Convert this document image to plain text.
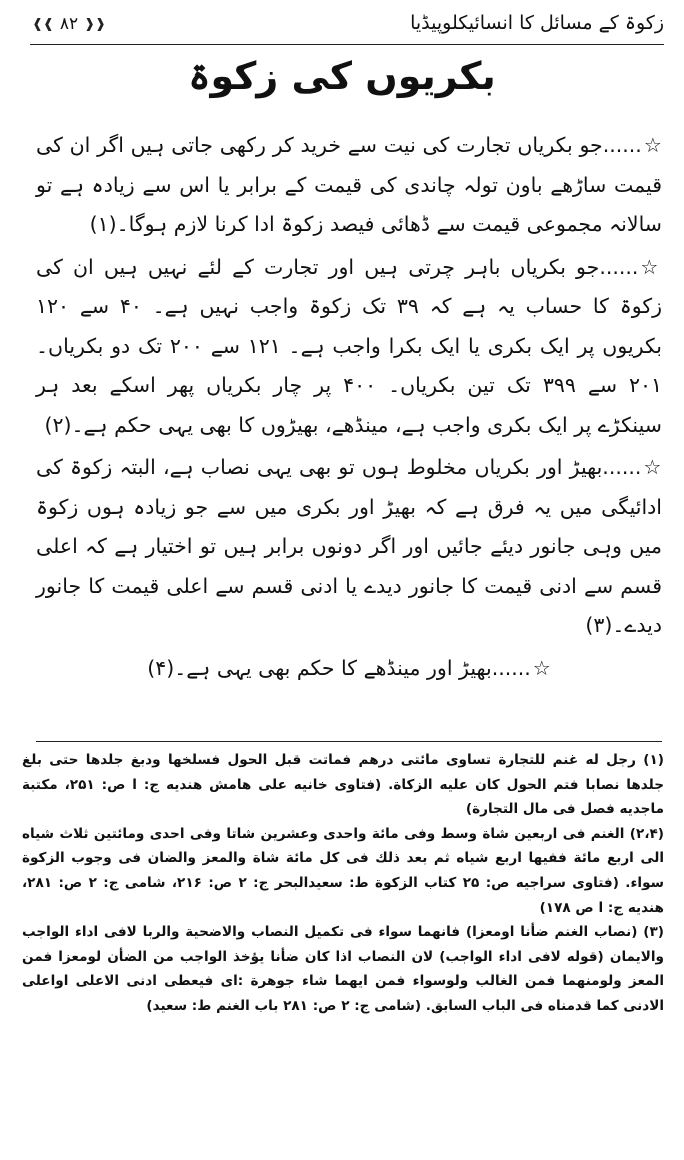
زکوۃ کے مسائل کا انسائیکلوپیڈیا
❰❰ ۸۲ ❱❱
بکریوں کی زکوۃ

☆......جو بکریاں تجارت کی نیت سے خرید کر رکھی جاتی ہیں اگر ان کی قیمت ساڑھے باون تولہ چاندی کی قیمت کے برابر یا اس سے زیادہ ہے تو سالانہ مجموعی قیمت سے ڈھائی فیصد زکوۃ ادا کرنا لازم ہوگا۔(۱)

☆......جو بکریاں باہر چرتی ہیں اور تجارت کے لئے نہیں ہیں ان کی زکوۃ کا حساب یہ ہے کہ ۳۹ تک زکوۃ واجب نہیں ہے۔ ۴۰ سے ۱۲۰ بکریوں پر ایک بکری یا ایک بکرا واجب ہے۔ ۱۲۱ سے ۲۰۰ تک دو بکریاں۔ ۲۰۱ سے ۳۹۹ تک تین بکریاں۔ ۴۰۰ پر چار بکریاں پھر اسکے بعد ہر سینکڑے پر ایک بکری واجب ہے، مینڈھے، بھیڑوں کا بھی یہی حکم ہے۔(۲)

☆......بھیڑ اور بکریاں مخلوط ہوں تو بھی یہی نصاب ہے، البتہ زکوۃ کی ادائیگی میں یہ فرق ہے کہ بھیڑ اور بکری میں سے جو زیادہ ہوں زکوۃ میں وہی جانور دیئے جائیں اور اگر دونوں برابر ہیں تو اختیار ہے کہ اعلی قسم سے ادنی قیمت کا جانور دیدے یا ادنی قسم سے اعلی قیمت کا جانور دیدے۔(۳)

☆......بھیڑ اور مینڈھے کا حکم بھی یہی ہے۔(۴)

(۱) رجل له غنم للتجارة تساوى مائتى درهم فماتت قبل الحول فسلخها ودبغ جلدها حتى بلغ جلدها نصابا فتم الحول كان عليه الزكاة. (فتاوى خانيه على هامش هنديه ج: ا ص: ۲۵۱، مكتبة ماجديه فصل فى مال التجارة)

(۲،۴) الغنم فى اربعين شاة وسط وفى مائة واحدى وعشرين شاتا وفى احدى ومائتين ثلاث شياه الى اربع مائة ففيها اربع شياه ثم بعد ذلك فى كل مائة شاة والمعز والضان فى وجوب الزكوة سواء. (فتاوى سراجيه ص: ۲۵ كتاب الزكوة ط: سعيدالبحر ج: ۲ ص: ۲۱۶، شامى ج: ۲ ص: ۲۸۱، هنديه ج: ا ص ۱۷۸)

(۳) (نصاب الغنم ضأنا اومعزا) فانهما سواء فى تكميل النصاب والاضحية والربا لافى اداء الواجب والايمان (قوله لافى اداء الواجب) لان النصاب اذا كان ضأنا يؤخذ الواجب من الضأن لومعزا فمن المعز ولومنهما فمن الغالب ولوسواء فمن ايهما شاء جوهرة :اى فيعطى ادنى الاعلى اواعلى الادنى كما قدمناه فى الباب السابق. (شامى ج: ۲ ص: ۲۸۱ باب الغنم ط: سعيد)
